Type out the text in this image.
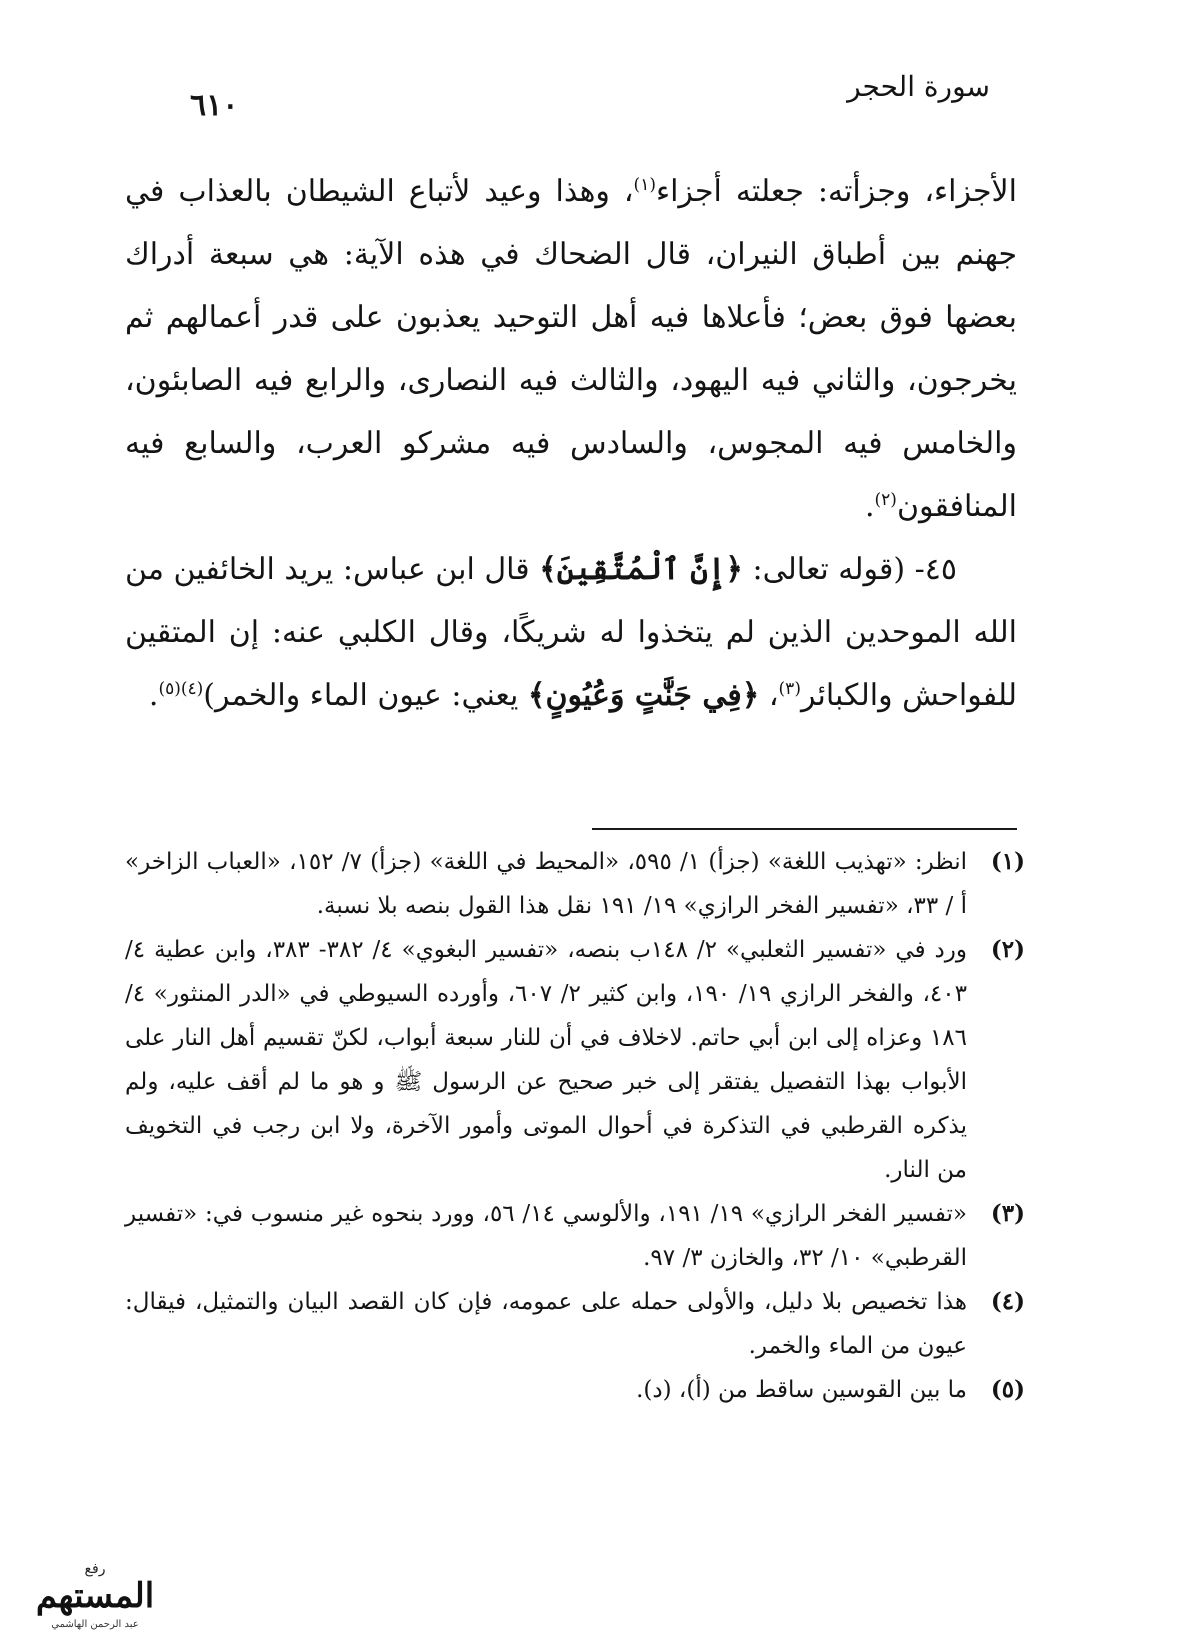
٦١٠
سورة الحجر

الأجزاء، وجزأته: جعلته أجزاء$^{(١)}$، وهذا وعيد لأتباع الشيطان بالعذاب في جهنم بين أطباق النيران، قال الضحاك في هذه الآية: هي سبعة أدراك بعضها فوق بعض؛ فأعلاها فيه أهل التوحيد يعذبون على قدر أعمالهم ثم يخرجون، والثاني فيه اليهود، والثالث فيه النصارى، والرابع فيه الصابئون، والخامس فيه المجوس، والسادس فيه مشركو العرب، والسابع فيه المنافقون$^{(٢)}$.

٤٥- (قوله تعالى: ﴿إِنَّ ٱلْمُتَّقِينَ﴾ قال ابن عباس: يريد الخائفين من الله الموحدين الذين لم يتخذوا له شريكًا، وقال الكلبي عنه: إن المتقين للفواحش والكبائر$^{(٣)}$، ﴿فِي جَنَّٰتٍ وَعُيُونٍ﴾ يعني: عيون الماء والخمر)$^{(٤)(٥)}$.

(١)
انظر: «تهذيب اللغة» (جزأ) ١/ ٥٩٥، «المحيط في اللغة» (جزأ) ٧/ ١٥٢، «العباب الزاخر» أ / ٣٣، «تفسير الفخر الرازي» ١٩/ ١٩١ نقل هذا القول بنصه بلا نسبة.

(٢)
ورد في «تفسير الثعلبي» ٢/ ١٤٨ب بنصه، «تفسير البغوي» ٤/ ٣٨٢- ٣٨٣، وابن عطية ٤/ ٤٠٣، والفخر الرازي ١٩/ ١٩٠، وابن كثير ٢/ ٦٠٧، وأورده السيوطي في «الدر المنثور» ٤/ ١٨٦ وعزاه إلى ابن أبي حاتم. لاخلاف في أن للنار سبعة أبواب، لكنّ تقسيم أهل النار على الأبواب بهذا التفصيل يفتقر إلى خبر صحيح عن الرسول ﷺ و هو ما لم أقف عليه، ولم يذكره القرطبي في التذكرة في أحوال الموتى وأمور الآخرة، ولا ابن رجب في التخويف من النار.

(٣)
«تفسير الفخر الرازي» ١٩/ ١٩١، والألوسي ١٤/ ٥٦، وورد بنحوه غير منسوب في: «تفسير القرطبي» ١٠/ ٣٢، والخازن ٣/ ٩٧.

(٤)
هذا تخصيص بلا دليل، والأولى حمله على عمومه، فإن كان القصد البيان والتمثيل، فيقال: عيون من الماء والخمر.

(٥)
ما بين القوسين ساقط من (أ)، (د).

رفع
المستهم
عبد الرحمن الهاشمي
